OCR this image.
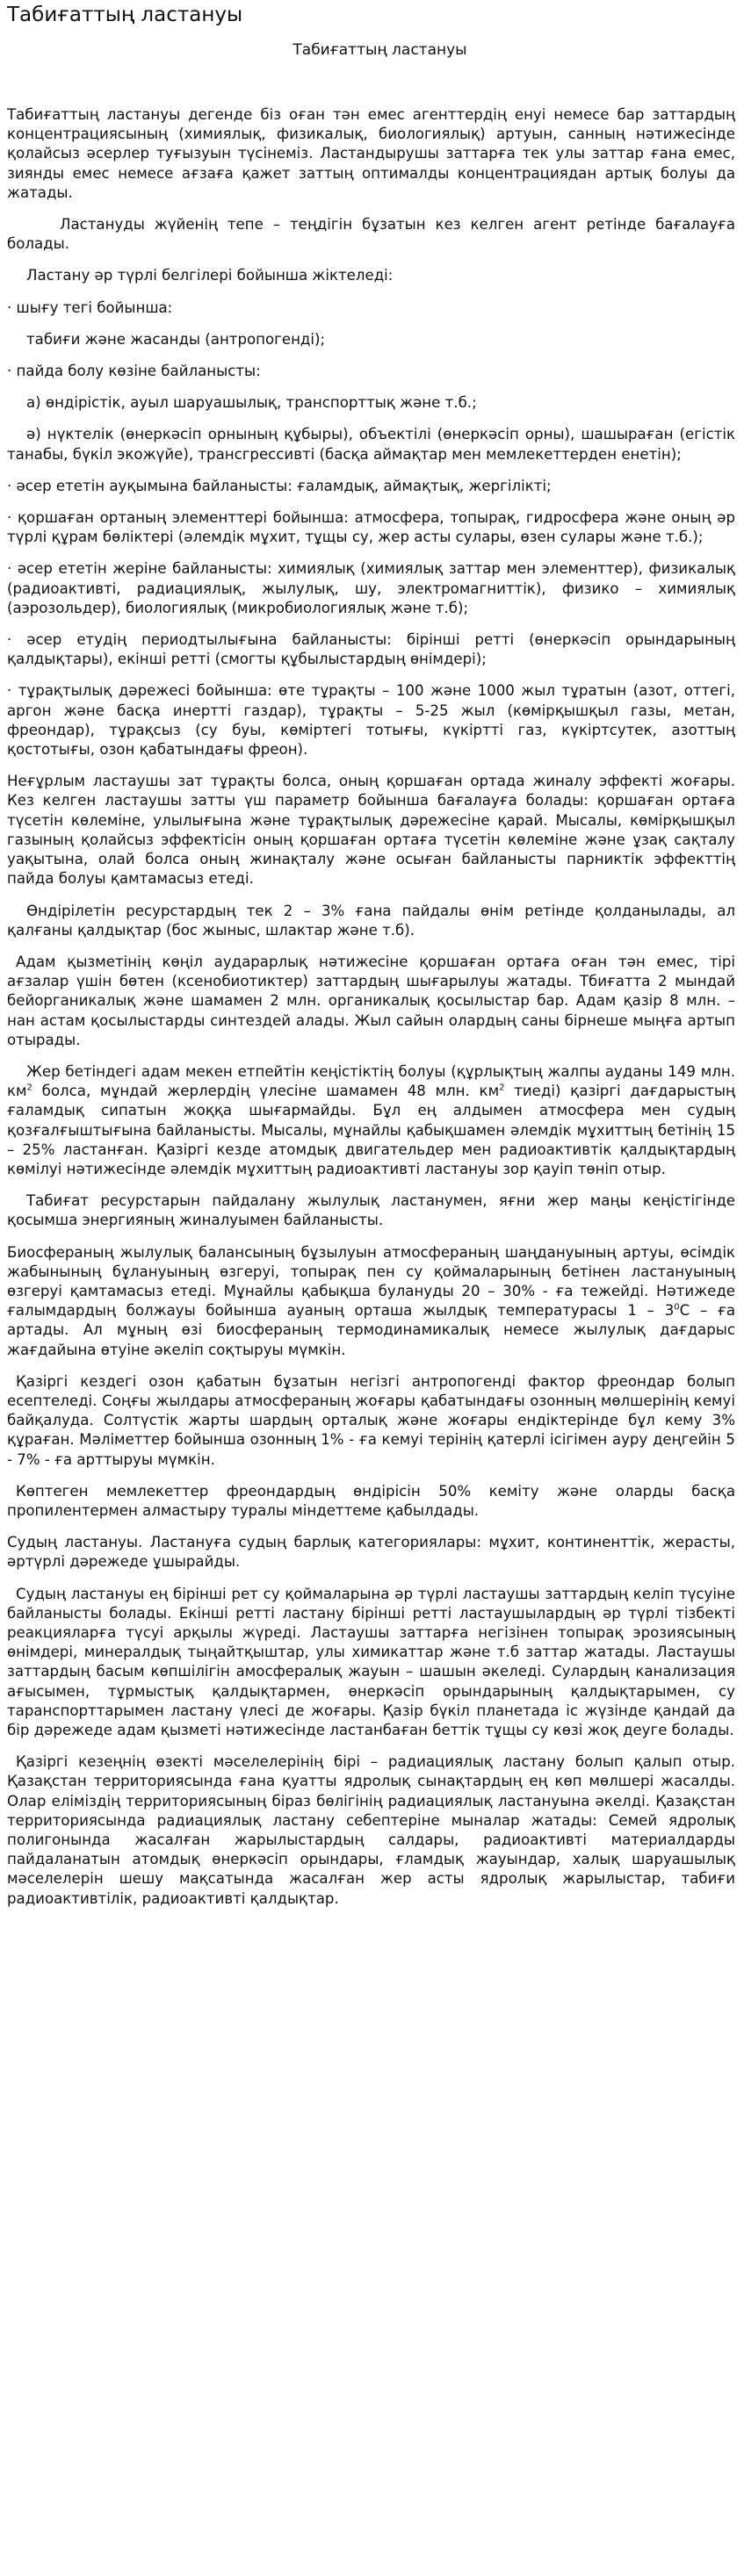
Табиғаттың ластануы
Табиғаттың ластануы

Табиғаттың ластануы дегенде біз оған тән емес агенттердің енуі немесе бар заттардың концентрациясының (химиялық, физикалық, биологиялық) артуын, санның нәтижесінде қолайсыз әсерлер туғызуын түсінеміз. Ластандырушы заттарға тек улы заттар ғана емес, зиянды емес немесе ағзаға қажет заттың оптималды концентрациядан артық болуы да жатады.

Ластануды жүйенің тепе – теңдігін бұзатын кез келген агент ретінде бағалауға болады.

Ластану әр түрлі белгілері бойынша жіктеледі:

· шығу тегі бойынша:

табиғи және жасанды (антропогенді);

· пайда болу көзіне байланысты:

а) өндірістік, ауыл шаруашылық, транспорттық және т.б.;

ә) нүктелік (өнеркәсіп орнының құбыры), объектілі (өнеркәсіп орны), шашыраған (егістік танабы, бүкіл экожүйе), трансгрессивті (басқа аймақтар мен мемлекеттерден енетін);

· әсер ететін ауқымына байланысты: ғаламдық, аймақтық, жергілікті;

· қоршаған ортаның элементтері бойынша: атмосфера, топырақ, гидросфера және оның әр түрлі құрам бөліктері (әлемдік мұхит, тұщы су, жер асты сулары, өзен сулары және т.б.);

· әсер ететін жеріне байланысты: химиялық (химиялық заттар мен элементтер), физикалық (радиоактивті, радиациялық, жылулық, шу, электромагниттік), физико – химиялық (аэрозольдер), биологиялық (микробиологиялық және т.б);

· әсер етудің периодтылығына байланысты: бірінші ретті (өнеркәсіп орындарының қалдықтары), екінші ретті (смогты құбылыстардың өнімдері);

· тұрақтылық дәрежесі бойынша: өте тұрақты – 100 және 1000 жыл тұратын (азот, оттегі, аргон және басқа инертті газдар), тұрақты – 5-25 жыл (көмірқышқыл газы, метан, фреондар), тұрақсыз (су буы, көміртегі тотығы, күкіртті газ, күкіртсутек, азоттың қостотығы, озон қабатындағы фреон).

Неғұрлым ластаушы зат тұрақты болса, оның қоршаған ортада жиналу эффекті жоғары. Кез келген ластаушы затты үш параметр бойынша бағалауға болады: қоршаған ортаға түсетін көлеміне, улылығына және тұрақтылық дәрежесіне қарай. Мысалы, көмірқышқыл газының қолайсыз эффектісін оның қоршаған ортаға түсетін көлеміне және ұзақ сақталу уақытына, олай болса оның жинақталу және осыған байланысты парниктік эффекттің пайда болуы қамтамасыз етеді.

Өндірілетін ресурстардың тек 2 – 3% ғана пайдалы өнім ретінде қолданылады, ал қалғаны қалдықтар (бос жыныс, шлактар және т.б).

Адам қызметінің көңіл аударарлық нәтижесіне қоршаған ортаға оған тән емес, тірі ағзалар үшін бөтен (ксенобиотиктер) заттардың шығарылуы жатады. Тбиғатта 2 мындай бейорганикалық және шамамен 2 млн. органикалық қосылыстар бар. Адам қазір 8 млн. – нан астам қосылыстарды синтездей алады. Жыл сайын олардың саны бірнеше мыңға артып отырады.

Жер бетіндегі адам мекен етпейтін кеңістіктің болуы (құрлықтың жалпы ауданы 149 млн. $км^2$ болса, мұндай жерлердің үлесіне шамамен 48 млн. $км^2$ тиеді) қазіргі дағдарыстың ғаламдық сипатын жоққа шығармайды. Бұл ең алдымен атмосфера мен судың қозғалғыштығына байланысты. Мысалы, мұнайлы қабықшамен әлемдік мұхиттың бетінің 15 – 25% ластанған. Қазіргі кезде атомдық двигательдер мен радиоактивтік қалдықтардың көмілуі нәтижесінде әлемдік мұхиттың радиоактивті ластануы зор қауіп төніп отыр.

Табиғат ресурстарын пайдалану жылулық ластанумен, яғни жер маңы кеңістігінде қосымша энергияның жиналуымен байланысты.

Биосфераның жылулық балансының бұзылуын атмосфераның шаңдануының артуы, өсімдік жабынының бұлануының өзгеруі, топырақ пен су қоймаларының бетінен ластануының өзгеруі қамтамасыз етеді. Мұнайлы қабықша булануды 20 – 30% - ға тежейді. Нәтижеде ғалымдардың болжауы бойынша ауаның орташа жылдық температурасы $1 - 3^0С$ – ға артады. Ал мұның өзі биосфераның термодинамикалық немесе жылулық дағдарыс жағдайына өтуіне әкеліп соқтыруы мүмкін.

Қазіргі кездегі озон қабатын бұзатын негізгі антропогенді фактор фреондар болып есептеледі. Соңғы жылдары атмосфераның жоғары қабатындағы озонның мөлшерінің кемуі байқалуда. Солтүстік жарты шардың орталық және жоғары ендіктеріндe бұл кему 3% құраған. Мәліметтер бойынша озонның 1% - ға кемуі терінің қатерлі ісігімен ауру деңгейін 5 - 7% - ға арттыруы мүмкін.

Көптеген мемлекеттер фреондардың өндірісін 50% кеміту және оларды басқа пропилентермен алмастыру туралы міндеттеме қабылдады.

Судың ластануы. Ластануға судың барлық категориялары: мұхит, континенттік, жерасты, әртүрлі дәрежеде ұшырайды.

Судың ластануы ең бірінші рет су қоймаларына әр түрлі ластаушы заттардың келіп түсуіне байланысты болады. Екінші ретті ластану бірінші ретті ластаушылардың әр түрлі тізбекті реакцияларға түсуі арқылы жүреді. Ластаушы заттарға негізінен топырақ эрозиясының өнімдері, минералдық тыңайтқыштар, улы химикаттар және т.б заттар жатады. Ластаушы заттардың басым көпшілігін амосфералық жауын – шашын әкеледі. Сулардың канализация ағысымен, тұрмыстық қалдықтармен, өнеркәсіп орындарының қалдықтарымен, су таранспорттарымен ластану үлесі де жоғары. Қазір бүкіл планетада іс жүзінде қандай да бір дәрежеде адам қызметі нәтижесінде ластанбаған беттік тұщы су көзі жоқ деуге болады.

Қазіргі кезеңнің өзекті мәселелерінің бірі – радиациялық ластану болып қалып отыр. Қазақстан территориясында ғана қуатты ядролық сынақтардың ең көп мөлшері жасалды. Олар елімiздің территориясының біраз бөлігінің радиациялық ластануына әкелді. Қазақстан территориясында радиациялық ластану себептеріне мыналар жатады: Семей ядролық полигонында жасалған жарылыстардың салдары, радиоактивті материалдарды пайдаланатын атомдық өнеркәсіп орындары, ғламдық жауындар, халық шаруашылық мәселелерін шешу мақсатында жасалған жер асты ядролық жарылыстар, табиғи радиоактивтілік, радиоактивті қалдықтар.
